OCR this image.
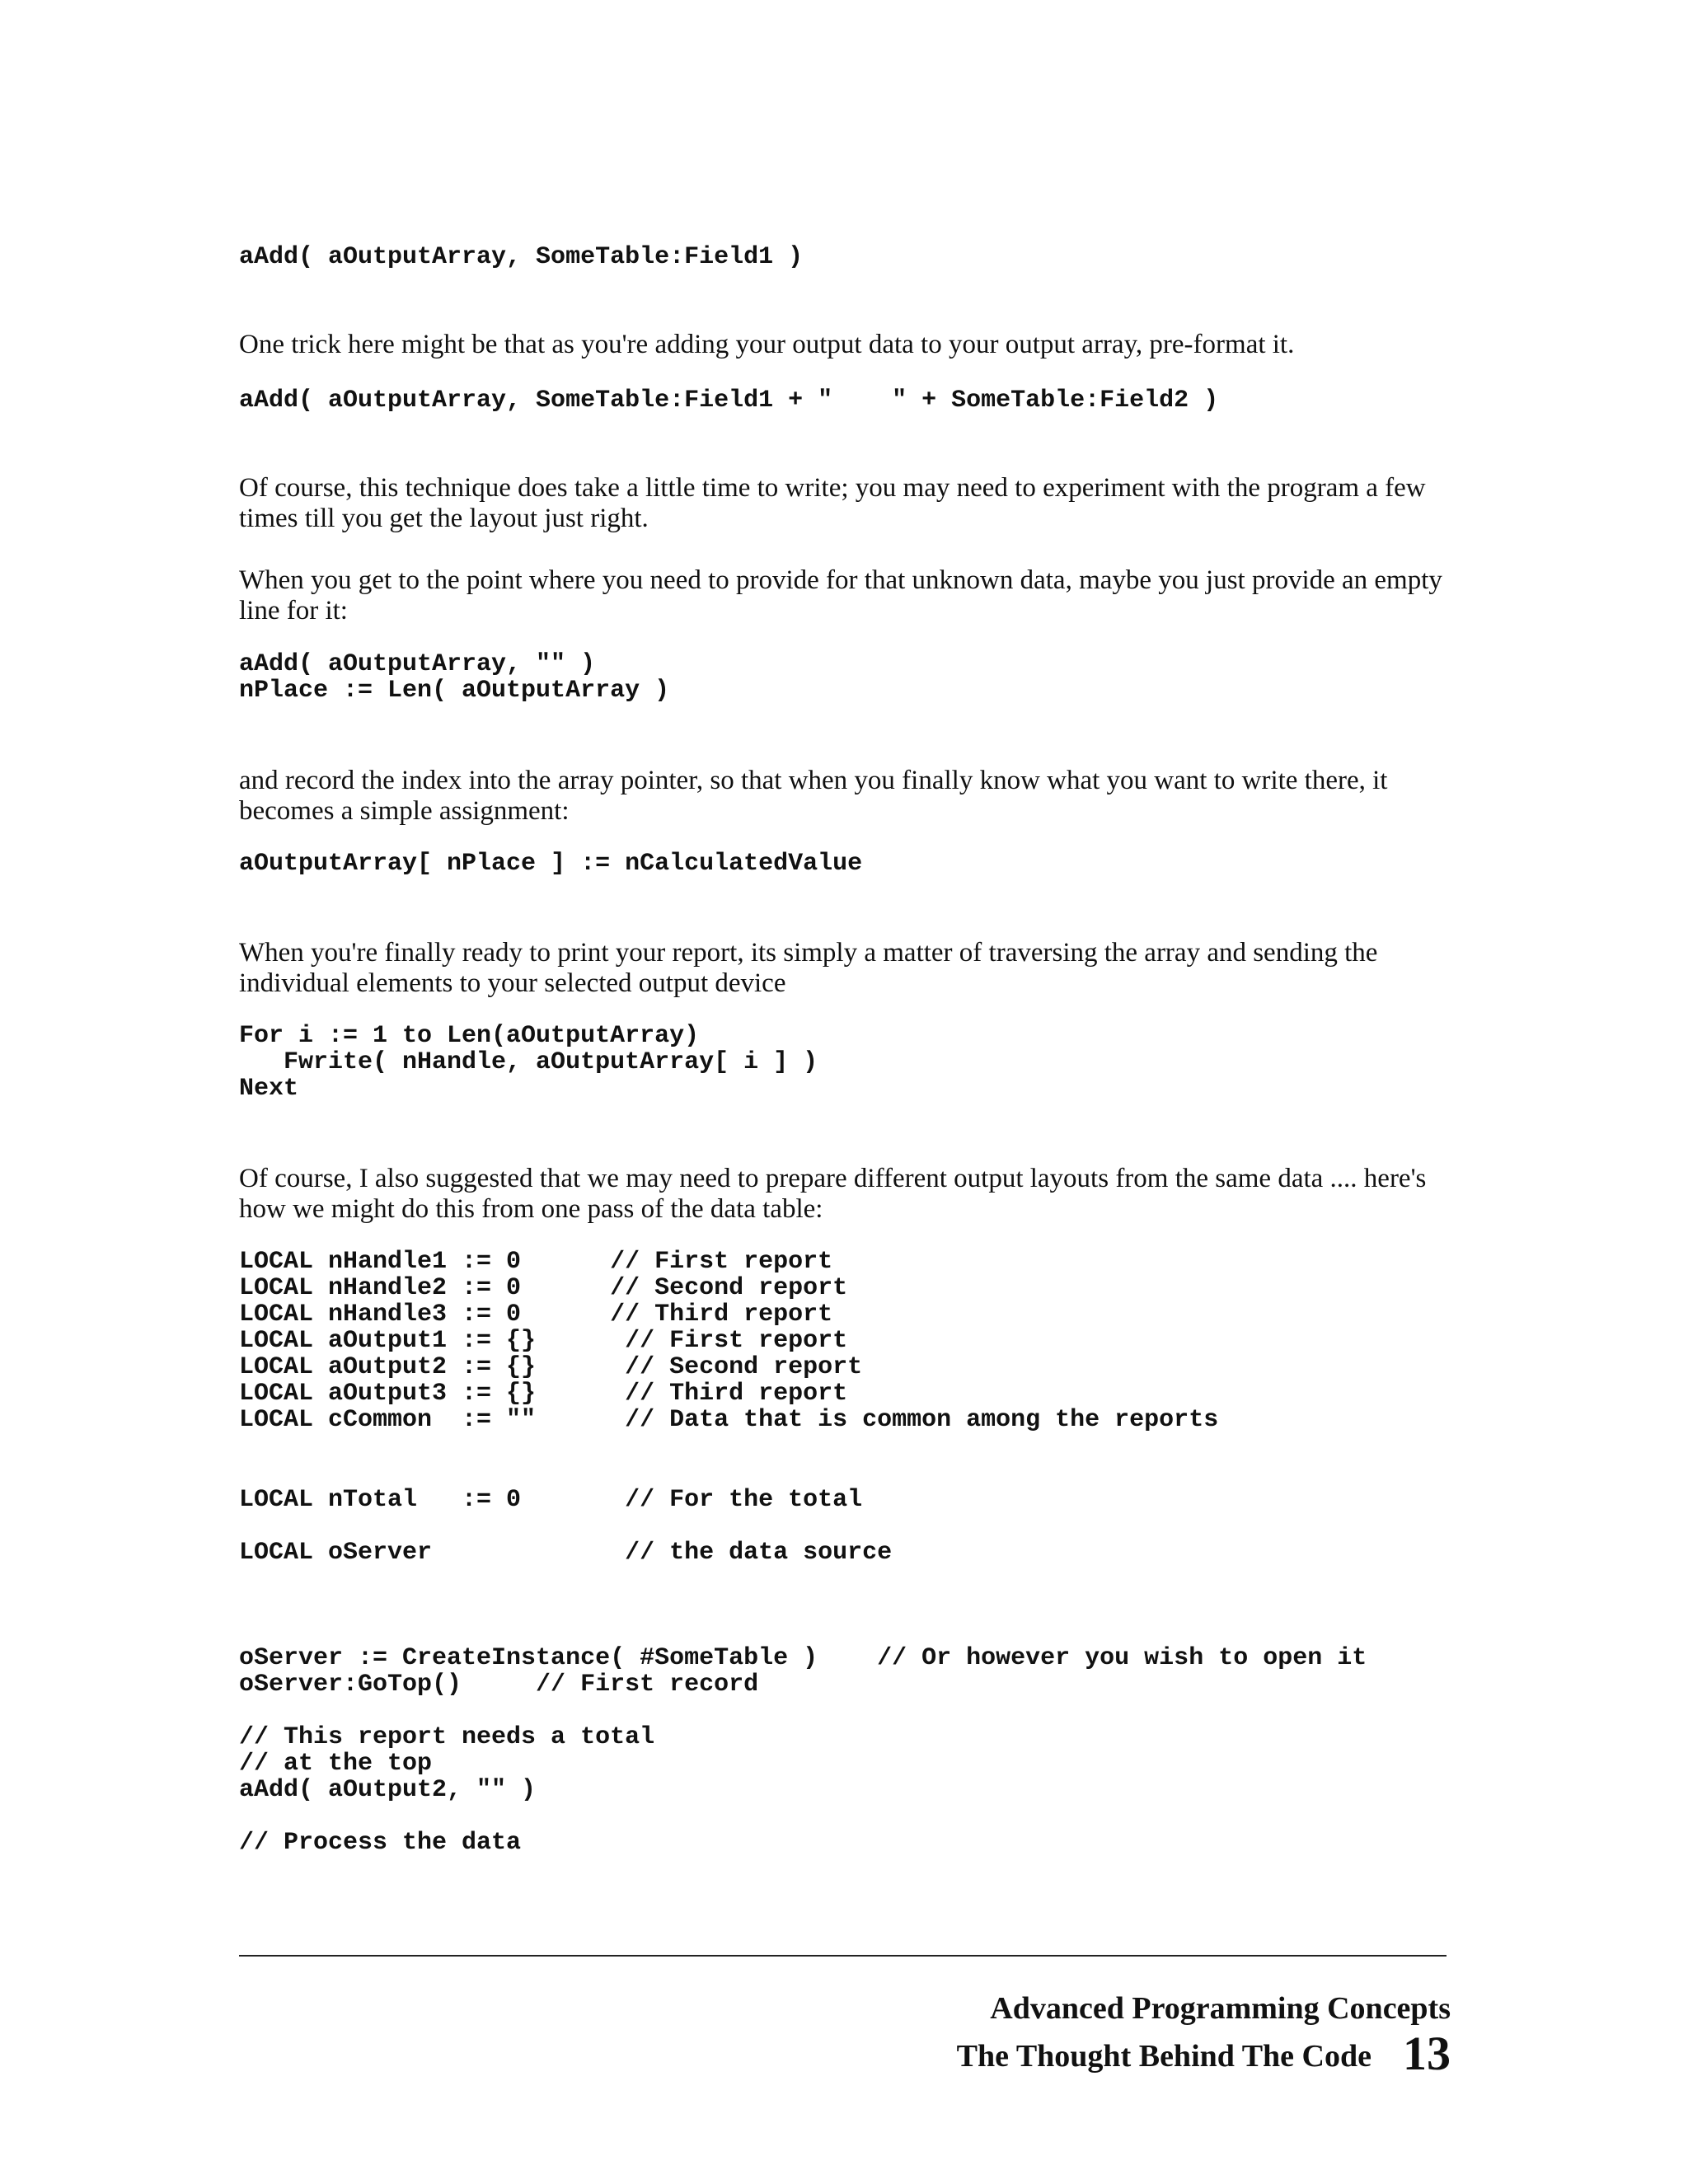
aAdd( aOutputArray, SomeTable:Field1 )

One trick here might be that as you're adding your output data to your output array, pre-format it.

aAdd( aOutputArray, SomeTable:Field1 + "    " + SomeTable:Field2 )

Of course, this technique does take a little time to write; you may need to experiment with the program a few times till you get the layout just right.

When you get to the point where you need to provide for that unknown data, maybe you just provide an empty line for it:

aAdd( aOutputArray, "" )
nPlace := Len( aOutputArray )

and record the index into the array pointer, so that when you finally know what you want to write there, it becomes a simple assignment:

aOutputArray[ nPlace ] := nCalculatedValue

When you're finally ready to print your report, its simply a matter of traversing the array and sending the individual elements to your selected output device

For i := 1 to Len(aOutputArray)
Fwrite( nHandle, aOutputArray[ i ] )
Next

Of course, I also suggested that we may need to prepare different output layouts from the same data .... here's how we might do this from one pass of the data table:

LOCAL nHandle1 := 0      // First report
LOCAL nHandle2 := 0      // Second report
LOCAL nHandle3 := 0      // Third report
LOCAL aOutput1 := {}      // First report
LOCAL aOutput2 := {}      // Second report
LOCAL aOutput3 := {}      // Third report
LOCAL cCommon  := ""      // Data that is common among the reports
LOCAL nTotal   := 0       // For the total
LOCAL oServer             // the data source
oServer := CreateInstance( #SomeTable )    // Or however you wish to open it
oServer:GoTop()     // First record
// This report needs a total
// at the top
aAdd( aOutput2, "" )
// Process the data
Advanced Programming Concepts
The Thought Behind The Code 13
